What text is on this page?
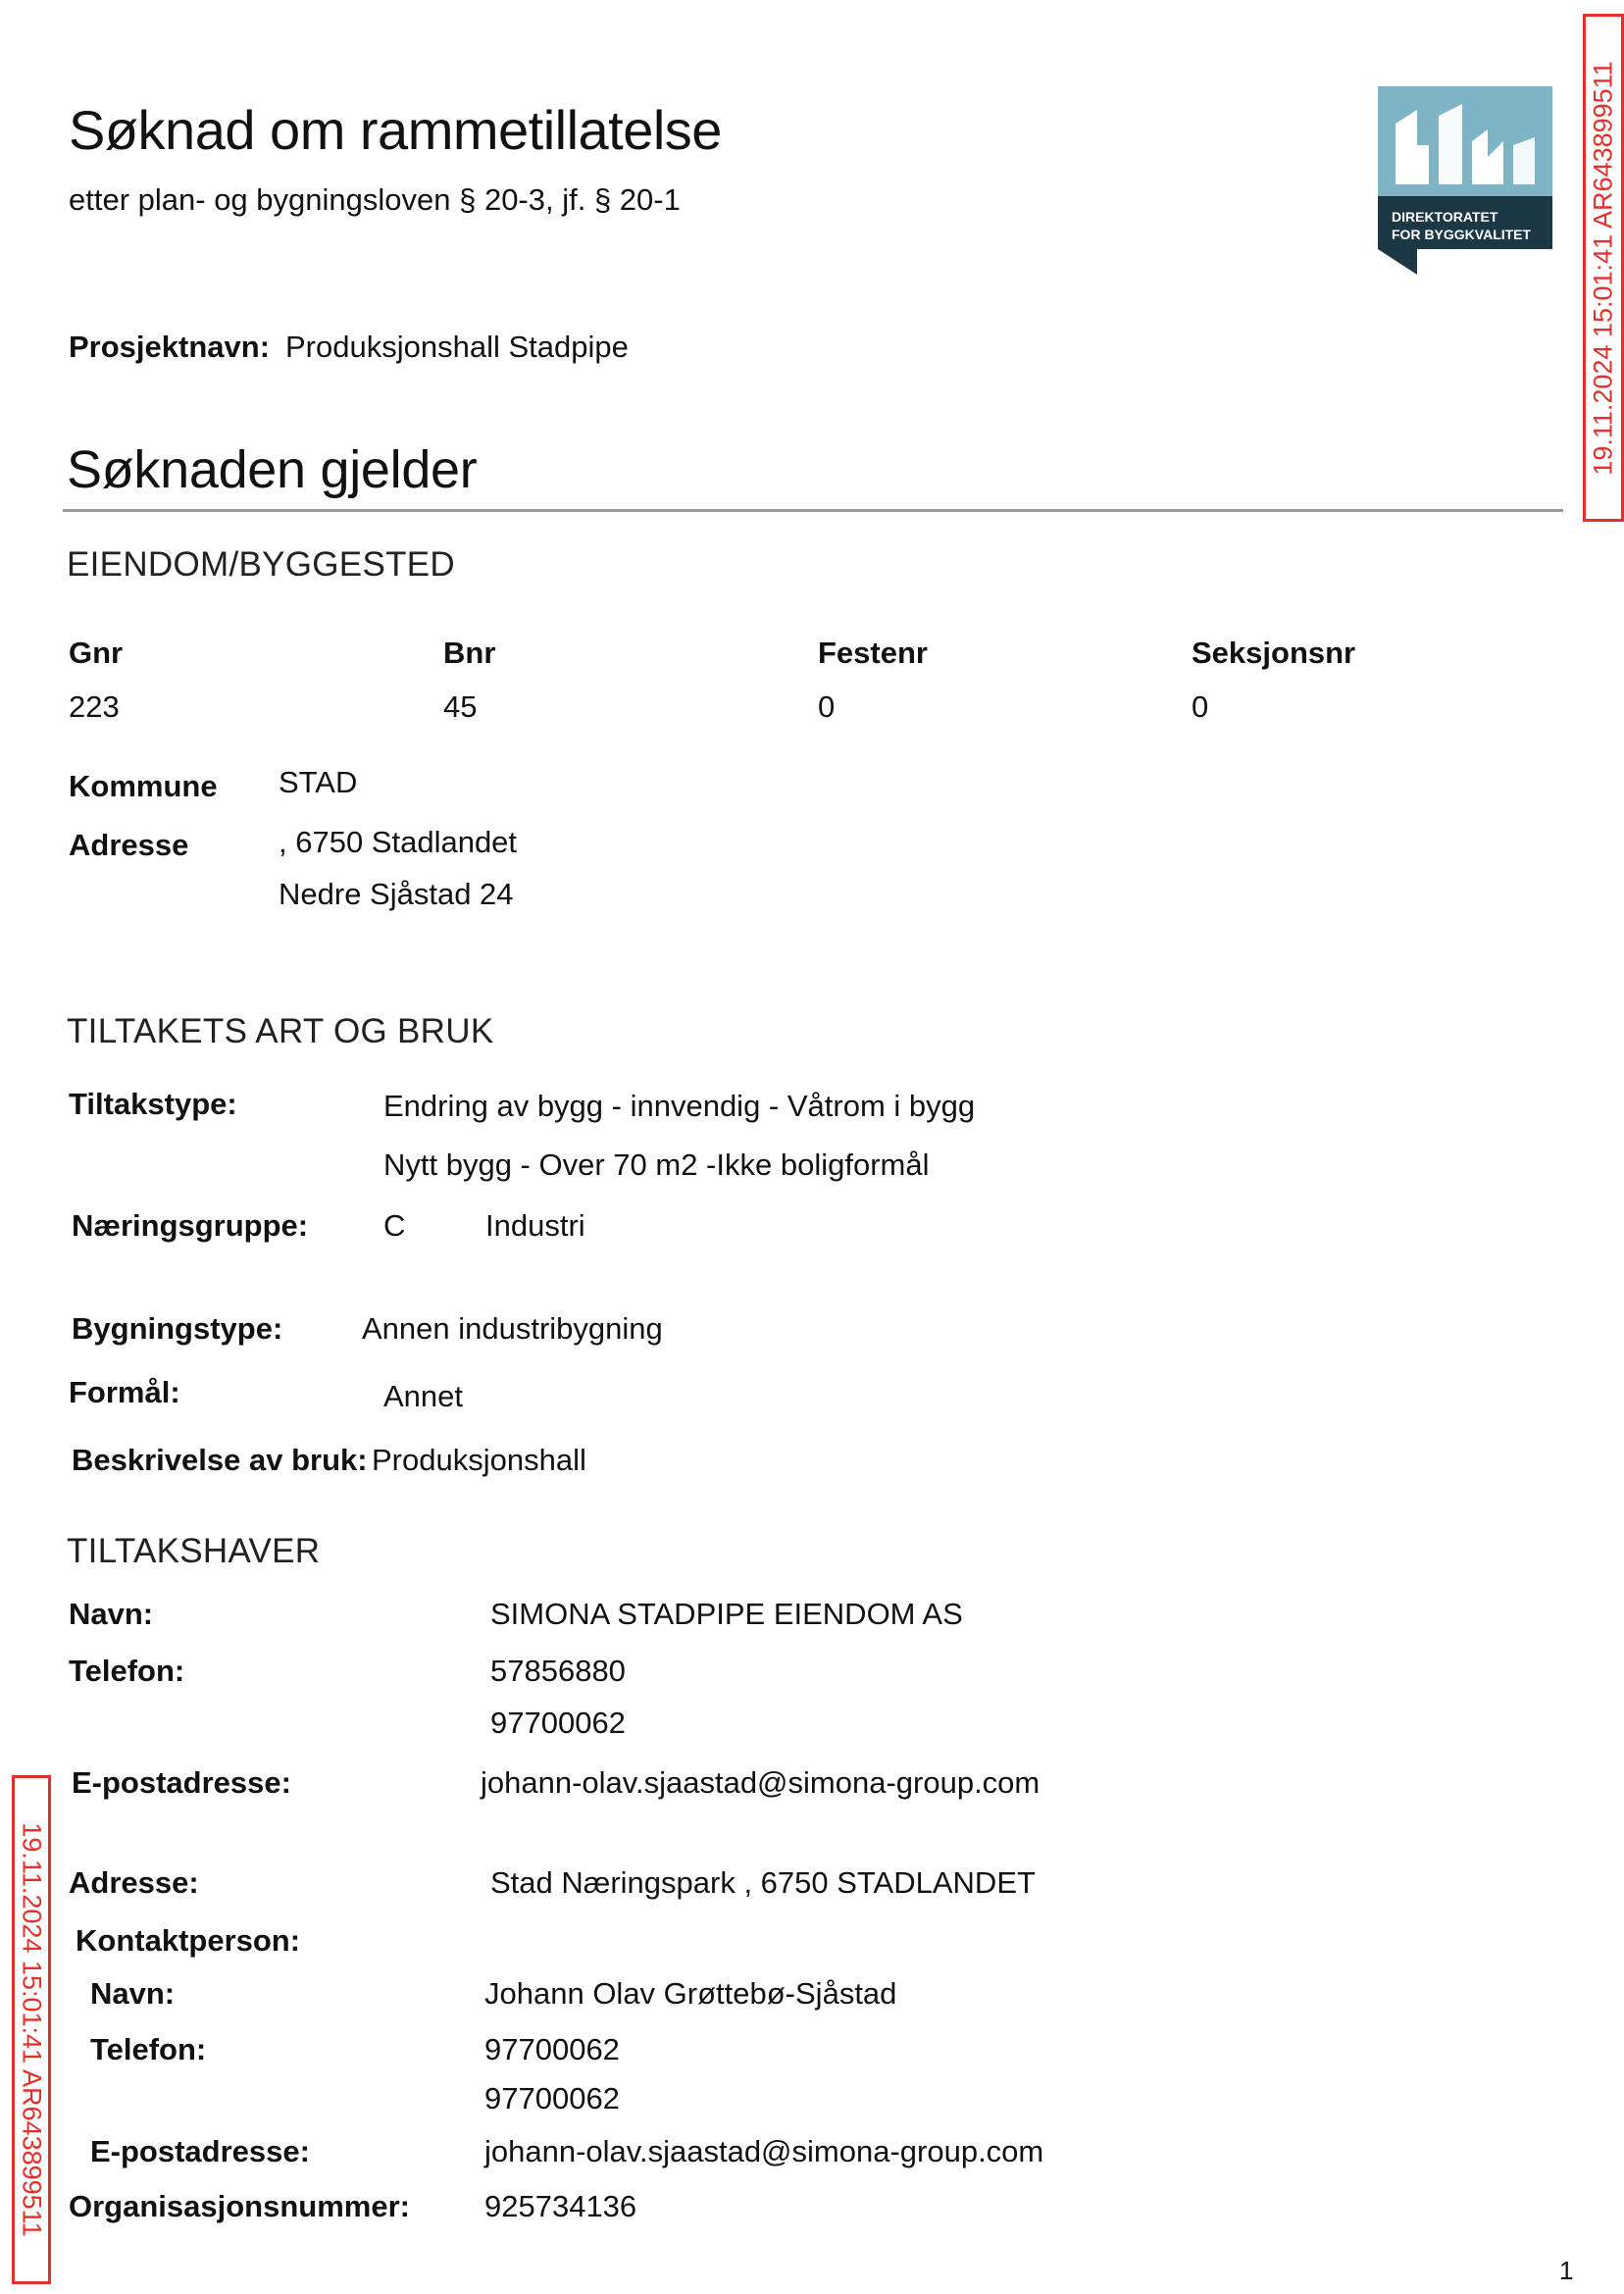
Søknad om rammetillatelse
etter plan- og bygningsloven § 20-3, jf. § 20-1	DIREKTORATET
FOR BYGGKVALITET 19.11.2024 15:01:41 AR643899511
Prosjektnavn: Produksjonshall Stadpipe
Søknaden gjelder
EIENDOM/BYGGESTED
Gnr	Bnr	Festenr	Seksjonsnr
223	45	0	0
Kommune STAD
Adresse	, 6750 Stadlandet
Nedre Sjåstad 24
TILTAKETS ART OG BRUK
Tiltakstype:	Endring av bygg - innvendig - Våtrom i bygg
Nytt bygg - Over 70 m2 -Ikke boligformål
Næringsgruppe: C	Industri
Bygningstype:	Annen industribygning
Formål:	Annet
Beskrivelse av bruk: Produksjonshall
TILTAKSHAVER
Navn:	SIMONA STADPIPE EIENDOM AS
Telefon:	57856880
97700062
E-postadresse:	johann-olav.sjaastad@simona-group.com
Adresse:	Stad Næringspark , 6750 STADLANDET
Kontaktperson:
Navn:	Johann Olav Grøttebø-Sjåstad
Telefon:	97700062
97700062
E-postadresse:	johann-olav.sjaastad@simona-group.com
Organisasjonsnummer: 925734136
19.11.2024 15:01:41 AR643899511
1
